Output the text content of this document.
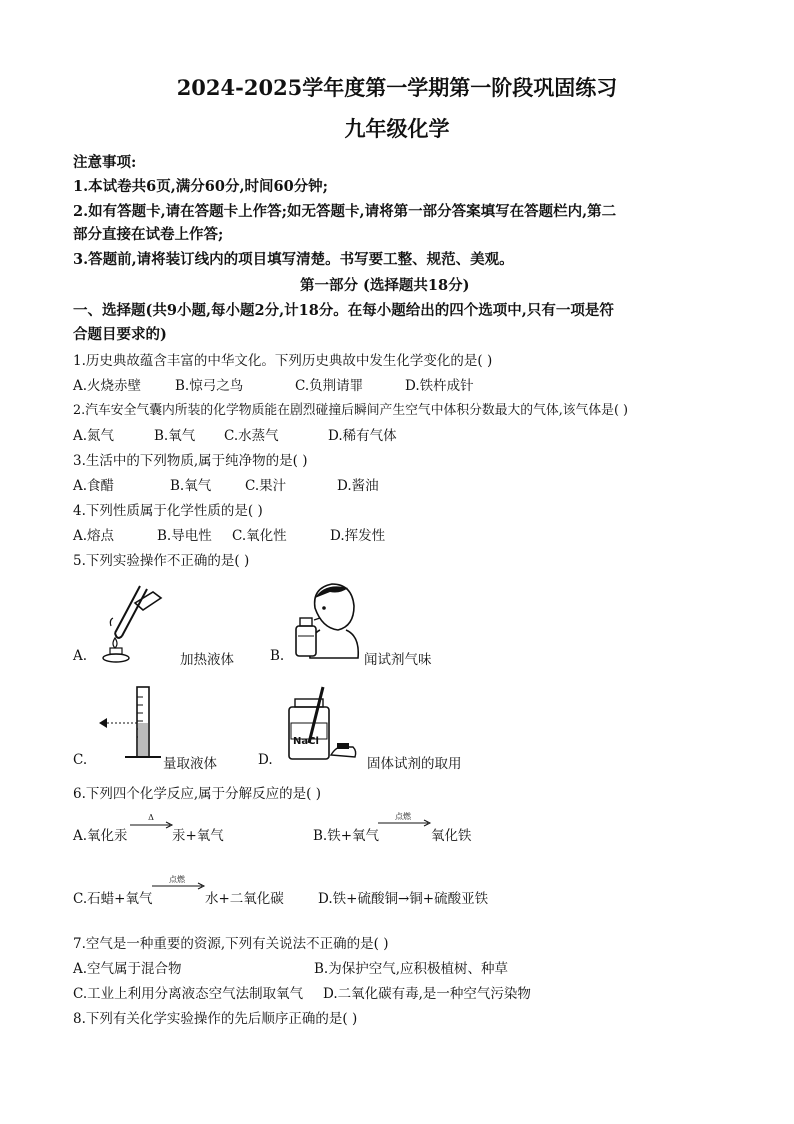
2024-2025学年度第一学期第一阶段巩固练习
九年级化学
注意事项:
1.本试卷共6页,满分60分,时间60分钟;
2.如有答题卡,请在答题卡上作答;如无答题卡,请将第一部分答案填写在答题栏内,第二
部分直接在试卷上作答;
3.答题前,请将装订线内的项目填写清楚。书写要工整、规范、美观。
第一部分 (选择题共18分)
一、选择题(共9小题,每小题2分,计18分。在每小题给出的四个选项中,只有一项是符
合题目要求的)
1.历史典故蕴含丰富的中华文化。下列历史典故中发生化学变化的是( )
A.火烧赤壁	B.惊弓之鸟	C.负荆请罪	D.铁杵成针
2.汽车安全气囊内所装的化学物质能在剧烈碰撞后瞬间产生空气中体积分数最大的气体,该气体是( )
A.氮气	B.氧气 C.水蒸气	D.稀有气体
3.生活中的下列物质,属于纯净物的是( )
A.食醋	B.氧气	C.果汁	D.酱油
4.下列性质属于化学性质的是( )
A.熔点	B.导电性 C.氧化性	D.挥发性
5.下列实验操作不正确的是( )
A.	加热液体	B.	闻试剂气味
C.	量取液体
NaCl
D.	固体试剂的取用
6.下列四个化学反应,属于分解反应的是( )
A.氧化汞
Δ
汞+氧气	B.铁+氧气
点燃
氧化铁
C.石蜡+氧气
点燃
水+二氧化碳	D.铁+硫酸铜→铜+硫酸亚铁
7.空气是一种重要的资源,下列有关说法不正确的是( )
A.空气属于混合物	B.为保护空气,应积极植树、种草
C.工业上利用分离液态空气法制取氧气 D.二氧化碳有毒,是一种空气污染物
8.下列有关化学实验操作的先后顺序正确的是( )
